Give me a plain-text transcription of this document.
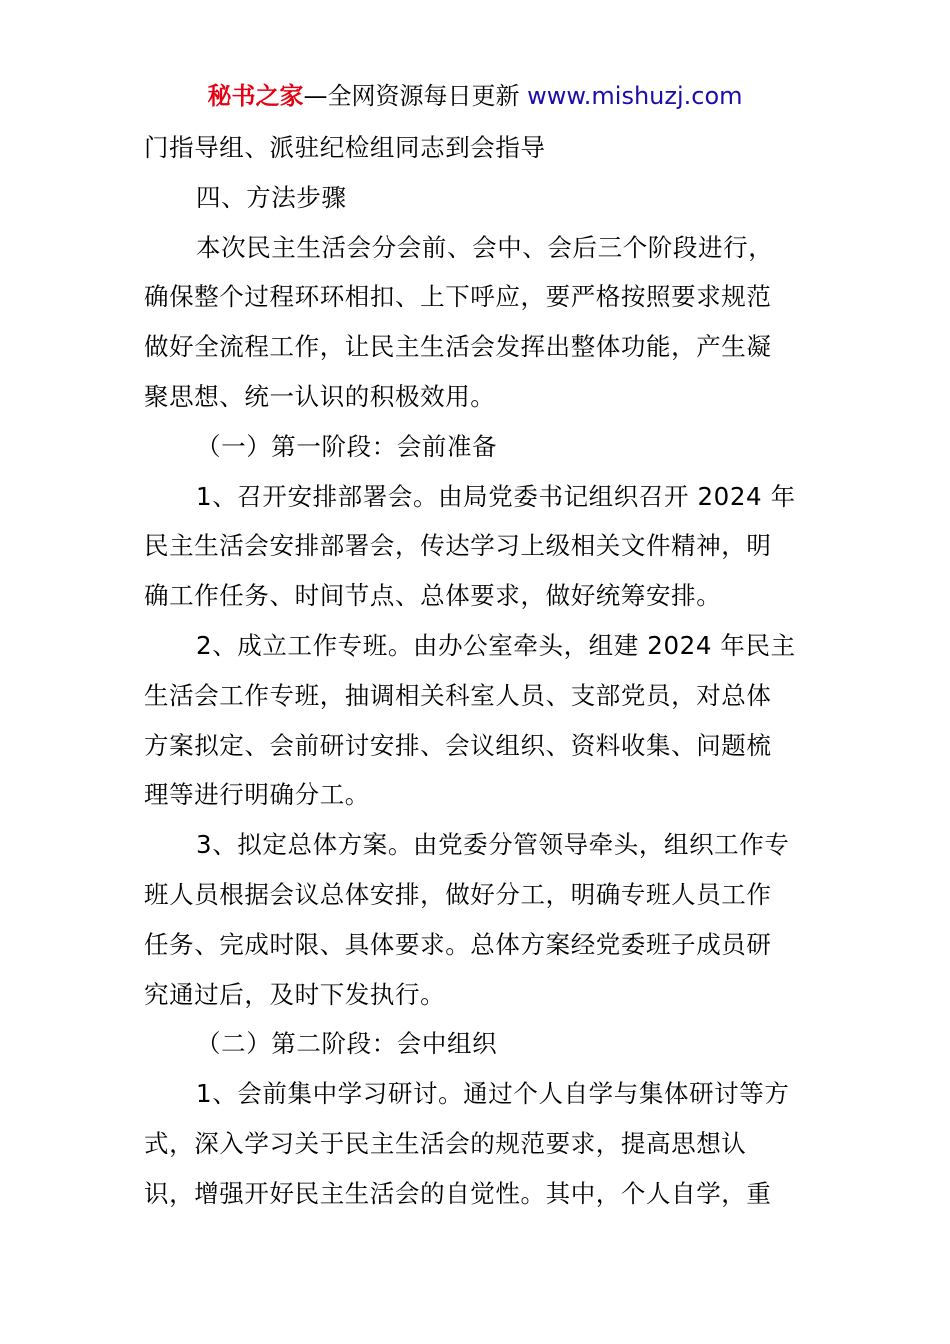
秘书之家—全网资源每日更新 www.mishuzj.com
门指导组、派驻纪检组同志到会指导
四、方法步骤
本次民主生活会分会前、会中、会后三个阶段进行，
确保整个过程环环相扣、上下呼应，要严格按照要求规范
做好全流程工作，让民主生活会发挥出整体功能，产生凝
聚思想、统一认识的积极效用。
（一）第一阶段：会前准备
1、召开安排部署会。由局党委书记组织召开 2024 年
民主生活会安排部署会，传达学习上级相关文件精神，明
确工作任务、时间节点、总体要求，做好统筹安排。
2、成立工作专班。由办公室牵头，组建 2024 年民主
生活会工作专班，抽调相关科室人员、支部党员，对总体
方案拟定、会前研讨安排、会议组织、资料收集、问题梳
理等进行明确分工。
3、拟定总体方案。由党委分管领导牵头，组织工作专
班人员根据会议总体安排，做好分工，明确专班人员工作
任务、完成时限、具体要求。总体方案经党委班子成员研
究通过后，及时下发执行。
（二）第二阶段：会中组织
1、会前集中学习研讨。通过个人自学与集体研讨等方
式，深入学习关于民主生活会的规范要求，提高思想认
识，增强开好民主生活会的自觉性。其中，个人自学，重
